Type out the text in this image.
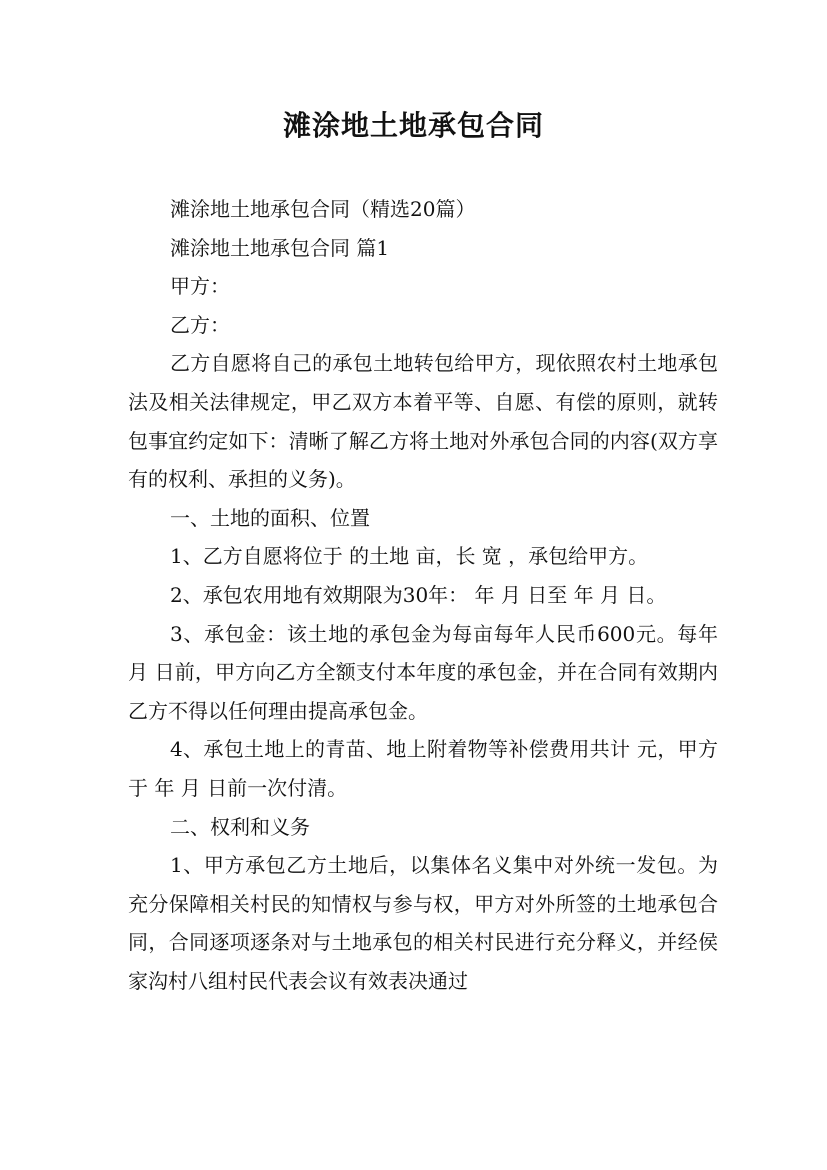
滩涂地土地承包合同

滩涂地土地承包合同（精选20篇）

滩涂地土地承包合同 篇1

甲方：

乙方：

乙方自愿将自己的承包土地转包给甲方，现依照农村土地承包法及相关法律规定，甲乙双方本着平等、自愿、有偿的原则，就转包事宜约定如下：清晰了解乙方将土地对外承包合同的内容(双方享有的权利、承担的义务)。

一、土地的面积、位置

1、乙方自愿将位于 的土地 亩，长 宽 ，承包给甲方。

2、承包农用地有效期限为30年： 年 月 日至 年 月 日。

3、承包金：该土地的承包金为每亩每年人民币600元。每年 月 日前，甲方向乙方全额支付本年度的承包金，并在合同有效期内乙方不得以任何理由提高承包金。

4、承包土地上的青苗、地上附着物等补偿费用共计 元，甲方于 年 月 日前一次付清。

二、权利和义务

1、甲方承包乙方土地后，以集体名义集中对外统一发包。为充分保障相关村民的知情权与参与权，甲方对外所签的土地承包合同，合同逐项逐条对与土地承包的相关村民进行充分释义，并经侯家沟村八组村民代表会议有效表决通过
